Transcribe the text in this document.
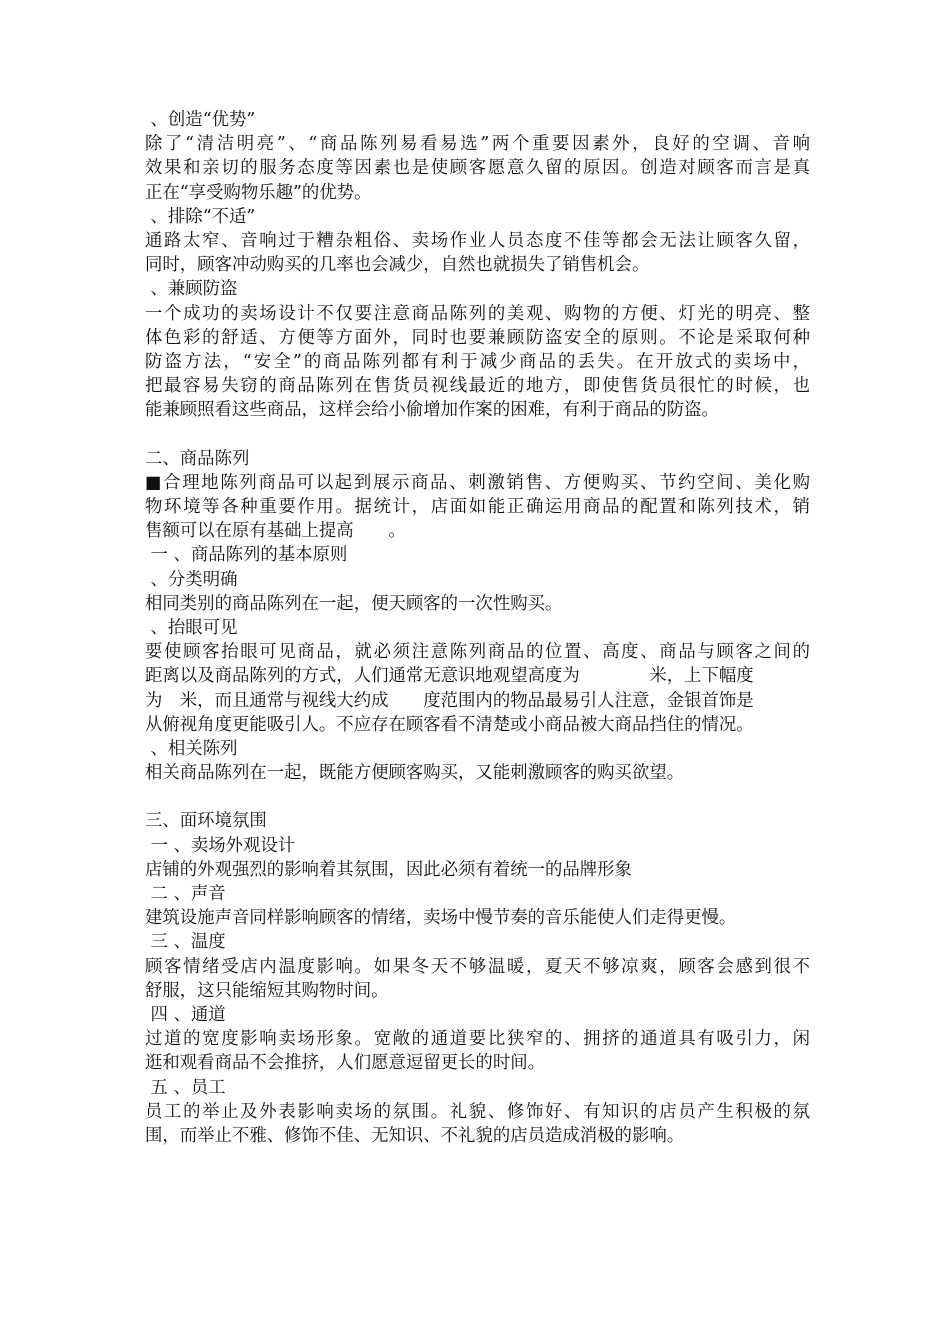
、创造“优势”
除了“清洁明亮”、“商品陈列易看易选”两个重要因素外，良好的空调、音响
效果和亲切的服务态度等因素也是使顾客愿意久留的原因。创造对顾客而言是真
正在“享受购物乐趣”的优势。
、排除“不适”
通路太窄、音响过于糟杂粗俗、卖场作业人员态度不佳等都会无法让顾客久留，
同时，顾客冲动购买的几率也会减少，自然也就损失了销售机会。
、兼顾防盗
一个成功的卖场设计不仅要注意商品陈列的美观、购物的方便、灯光的明亮、整
体色彩的舒适、方便等方面外，同时也要兼顾防盗安全的原则。不论是采取何种
防盗方法，“安全”的商品陈列都有利于减少商品的丢失。在开放式的卖场中，
把最容易失窃的商品陈列在售货员视线最近的地方，即使售货员很忙的时候，也
能兼顾照看这些商品，这样会给小偷增加作案的困难，有利于商品的防盗。
二、商品陈列
■合理地陈列商品可以起到展示商品、刺激销售、方便购买、节约空间、美化购
物环境等各种重要作用。据统计，店面如能正确运用商品的配置和陈列技术，销
售额可以在原有基础上提高　　。
一 、商品陈列的基本原则
、分类明确
相同类别的商品陈列在一起，便天顾客的一次性购买。
、抬眼可见
要使顾客抬眼可见商品，就必须注意陈列商品的位置、高度、商品与顾客之间的
距离以及商品陈列的方式，人们通常无意识地观望高度为　　　　米，上下幅度
为　米，而且通常与视线大约成　　度范围内的物品最易引人注意，金银首饰是
从俯视角度更能吸引人。不应存在顾客看不清楚或小商品被大商品挡住的情况。
、相关陈列
相关商品陈列在一起，既能方便顾客购买，又能刺激顾客的购买欲望。
三、面环境氛围
一 、卖场外观设计
店铺的外观强烈的影响着其氛围，因此必须有着统一的品牌形象
二 、声音
建筑设施声音同样影响顾客的情绪，卖场中慢节奏的音乐能使人们走得更慢。
三 、温度
顾客情绪受店内温度影响。如果冬天不够温暖，夏天不够凉爽，顾客会感到很不
舒服，这只能缩短其购物时间。
四 、通道
过道的宽度影响卖场形象。宽敞的通道要比狭窄的、拥挤的通道具有吸引力，闲
逛和观看商品不会推挤，人们愿意逗留更长的时间。
五 、员工
员工的举止及外表影响卖场的氛围。礼貌、修饰好、有知识的店员产生积极的氛
围，而举止不雅、修饰不佳、无知识、不礼貌的店员造成消极的影响。
